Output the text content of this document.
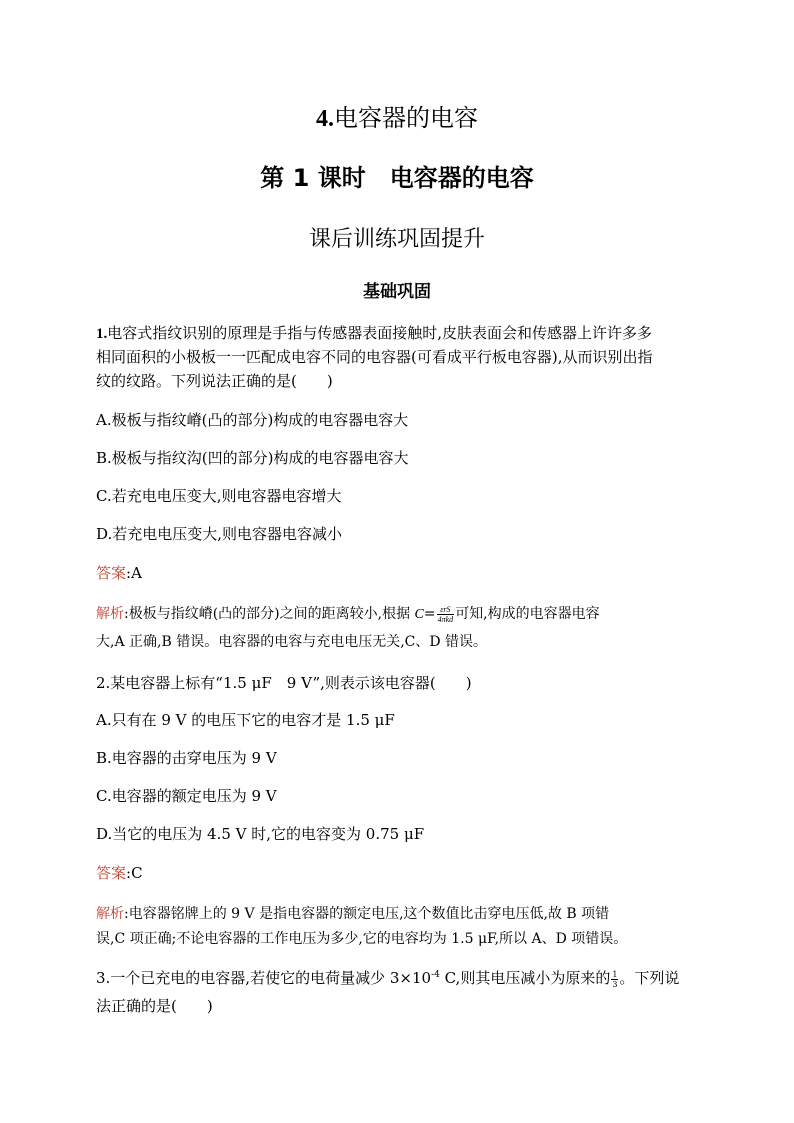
4.电容器的电容
第 1 课时　电容器的电容
课后训练巩固提升
基础巩固
1.电容式指纹识别的原理是手指与传感器表面接触时,皮肤表面会和传感器上许许多多
相同面积的小极板一一匹配成电容不同的电容器(可看成平行板电容器),从而识别出指
纹的纹路。下列说法正确的是( )
A.极板与指纹嵴(凸的部分)构成的电容器电容大
B.极板与指纹沟(凹的部分)构成的电容器电容大
C.若充电电压变大,则电容器电容增大
D.若充电电压变大,则电容器电容减小
答案:A
解析:极板与指纹嵴(凸的部分)之间的距离较小,根据 $C= \frac{\text{εrS}}{\text{4πkd}}$ 可知,构成的电容器电容
大,A 正确,B 错误。电容器的电容与充电电压无关,C、D 错误。
2.某电容器上标有“1.5 μF　9 V”,则表示该电容器( )
A.只有在 9 V 的电压下它的电容才是 1.5 μF
B.电容器的击穿电压为 9 V
C.电容器的额定电压为 9 V
D.当它的电压为 4.5 V 时,它的电容变为 0.75 μF
答案:C
解析:电容器铭牌上的 9 V 是指电容器的额定电压,这个数值比击穿电压低,故 B 项错
误,C 项正确;不论电容器的工作电压为多少,它的电容均为 1.5 μF,所以 A、D 项错误。
3.一个已充电的电容器,若使它的电荷量减少 $3\times 10^{-4}$ C,则其电压减小为原来的 $\frac{1}{3}$ 。下列说
法正确的是( )
